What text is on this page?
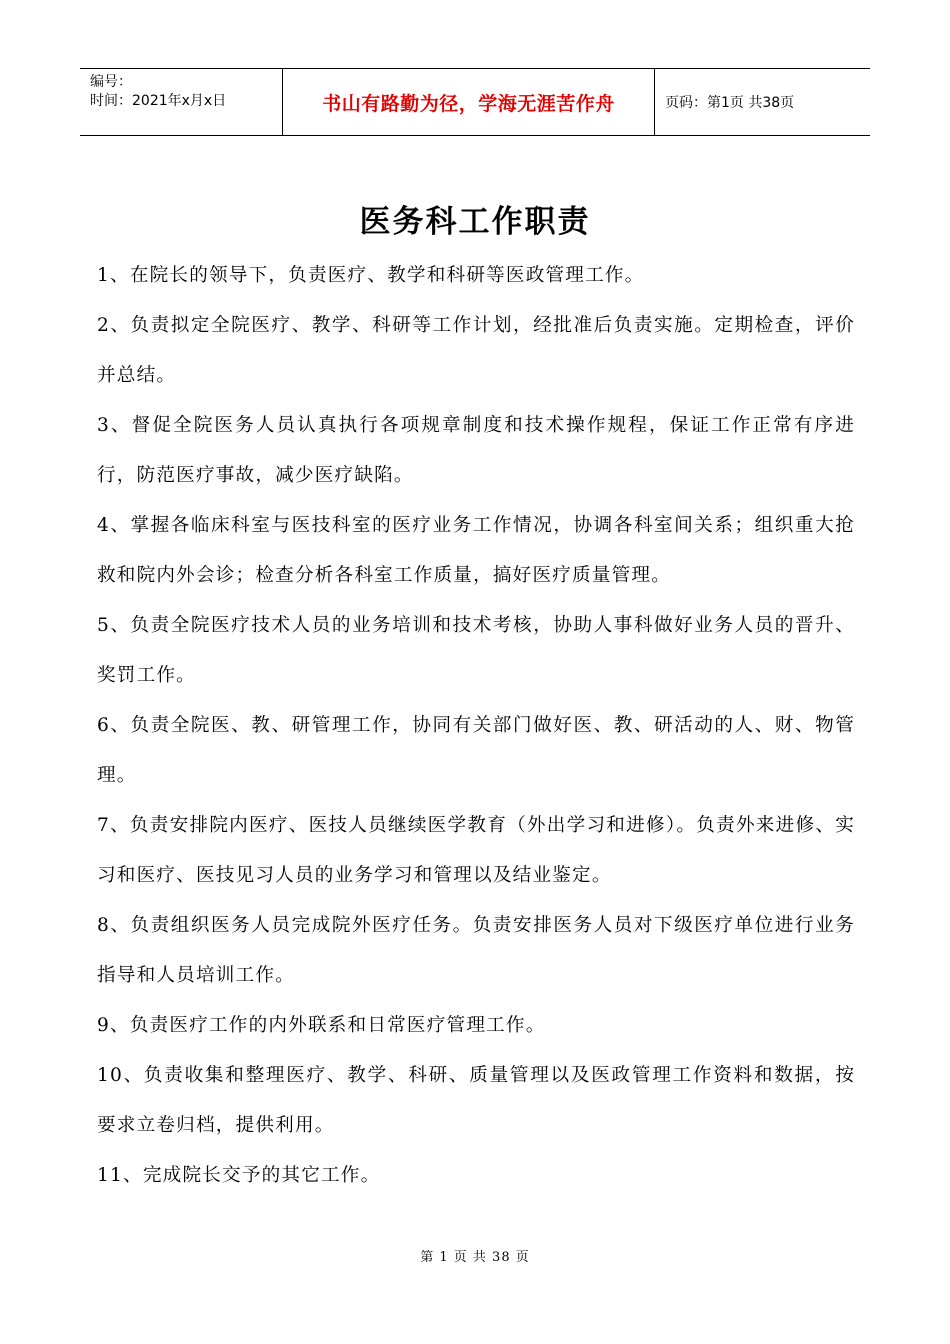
编号：
时间：2021年x月x日	书山有路勤为径，学海无涯苦作舟	页码：第1页 共38页
医务科工作职责

1、在院长的领导下，负责医疗、教学和科研等医政管理工作。

2、负责拟定全院医疗、教学、科研等工作计划，经批准后负责实施。定期检查，评价并总结。

3、督促全院医务人员认真执行各项规章制度和技术操作规程，保证工作正常有序进行，防范医疗事故，减少医疗缺陷。

4、掌握各临床科室与医技科室的医疗业务工作情况，协调各科室间关系；组织重大抢救和院内外会诊；检查分析各科室工作质量，搞好医疗质量管理。

5、负责全院医疗技术人员的业务培训和技术考核，协助人事科做好业务人员的晋升、奖罚工作。

6、负责全院医、教、研管理工作，协同有关部门做好医、教、研活动的人、财、物管理。

7、负责安排院内医疗、医技人员继续医学教育（外出学习和进修）。负责外来进修、实习和医疗、医技见习人员的业务学习和管理以及结业鉴定。

8、负责组织医务人员完成院外医疗任务。负责安排医务人员对下级医疗单位进行业务指导和人员培训工作。

9、负责医疗工作的内外联系和日常医疗管理工作。

10、负责收集和整理医疗、教学、科研、质量管理以及医政管理工作资料和数据，按要求立卷归档，提供利用。

11、完成院长交予的其它工作。

第 1 页 共 38 页
